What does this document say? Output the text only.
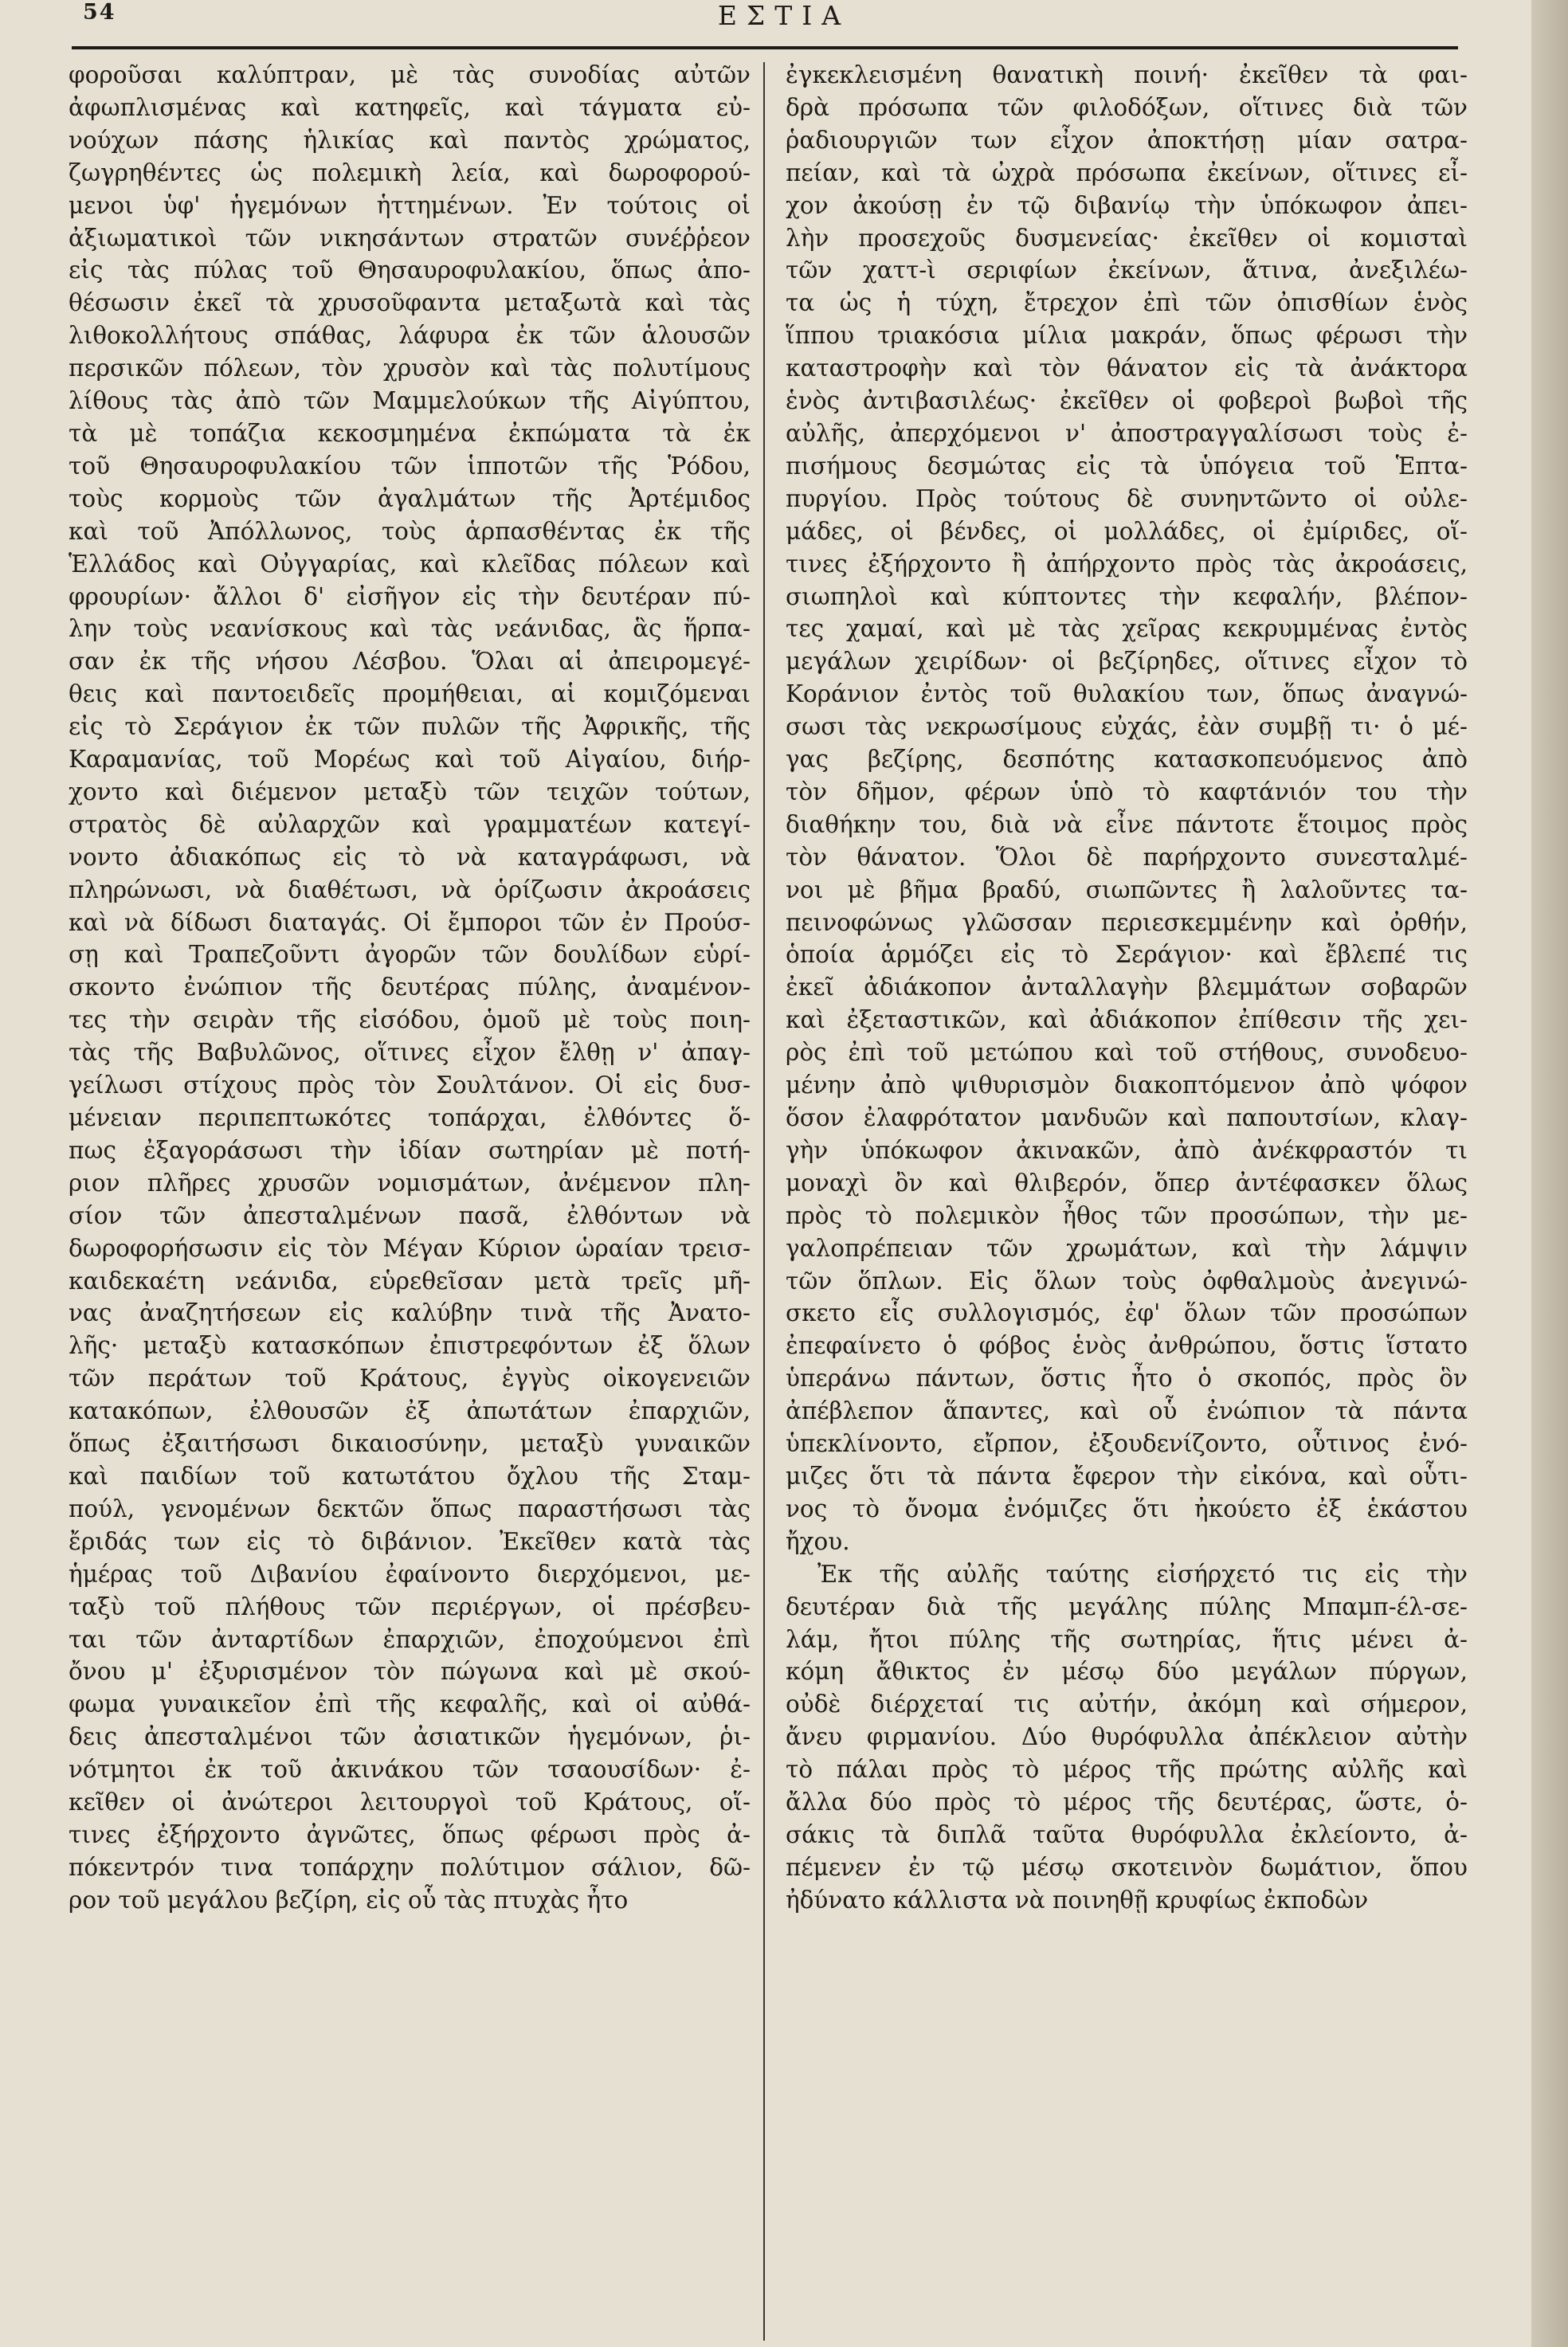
54	ΕΣΤΙΑ
φοροῦσαι καλύπτραν, μὲ τὰς συνοδίας αὐτῶν
ἀφωπλισμένας καὶ κατηφεῖς, καὶ τάγματα εὐ-
νούχων πάσης ἡλικίας καὶ παντὸς χρώματος,
ζωγρηθέντες ὡς πολεμικὴ λεία, καὶ δωροφορού-
μενοι ὑφ' ἡγεμόνων ἡττημένων. Ἐν τούτοις οἱ
ἀξιωματικοὶ τῶν νικησάντων στρατῶν συνέῤῥεον
εἰς τὰς πύλας τοῦ Θησαυροφυλακίου, ὅπως ἀπο-
θέσωσιν ἐκεῖ τὰ χρυσοῦφαντα μεταξωτὰ καὶ τὰς
λιθοκολλήτους σπάθας, λάφυρα ἐκ τῶν ἁλουσῶν
περσικῶν πόλεων, τὸν χρυσὸν καὶ τὰς πολυτίμους
λίθους τὰς ἀπὸ τῶν Μαμμελούκων τῆς Αἰγύπτου,
τὰ μὲ τοπάζια κεκοσμημένα ἐκπώματα τὰ ἐκ
τοῦ Θησαυροφυλακίου τῶν ἱπποτῶν τῆς Ῥόδου,
τοὺς κορμοὺς τῶν ἀγαλμάτων τῆς Ἀρτέμιδος
καὶ τοῦ Ἀπόλλωνος, τοὺς ἁρπασθέντας ἐκ τῆς
Ἑλλάδος καὶ Οὐγγαρίας, καὶ κλεῖδας πόλεων καὶ
φρουρίων· ἄλλοι δ' εἰσῆγον εἰς τὴν δευτέραν πύ-
λην τοὺς νεανίσκους καὶ τὰς νεάνιδας, ἃς ἥρπα-
σαν ἐκ τῆς νήσου Λέσβου. Ὅλαι αἱ ἀπειρομεγέ-
θεις καὶ παντοειδεῖς προμήθειαι, αἱ κομιζόμεναι
εἰς τὸ Σεράγιον ἐκ τῶν πυλῶν τῆς Ἀφρικῆς, τῆς
Καραμανίας, τοῦ Μορέως καὶ τοῦ Αἰγαίου, διήρ-
χοντο καὶ διέμενον μεταξὺ τῶν τειχῶν τούτων,
στρατὸς δὲ αὐλαρχῶν καὶ γραμματέων κατεγί-
νοντο ἀδιακόπως εἰς τὸ νὰ καταγράφωσι, νὰ
πληρώνωσι, νὰ διαθέτωσι, νὰ ὁρίζωσιν ἀκροάσεις
καὶ νὰ δίδωσι διαταγάς. Οἱ ἔμποροι τῶν ἐν Προύσ-
σῃ καὶ Τραπεζοῦντι ἀγορῶν τῶν δουλίδων εὑρί-
σκοντο ἐνώπιον τῆς δευτέρας πύλης, ἀναμένον-
τες τὴν σειρὰν τῆς εἰσόδου, ὁμοῦ μὲ τοὺς ποιη-
τὰς τῆς Βαβυλῶνος, οἵτινες εἶχον ἔλθῃ ν' ἀπαγ-
γείλωσι στίχους πρὸς τὸν Σουλτάνον. Οἱ εἰς δυσ-
μένειαν περιπεπτωκότες τοπάρχαι, ἐλθόντες ὅ-
πως ἐξαγοράσωσι τὴν ἰδίαν σωτηρίαν μὲ ποτή-
ριον πλῆρες χρυσῶν νομισμάτων, ἀνέμενον πλη-
σίον τῶν ἀπεσταλμένων πασᾶ, ἐλθόντων νὰ
δωροφορήσωσιν εἰς τὸν Μέγαν Κύριον ὡραίαν τρεισ-
καιδεκαέτη νεάνιδα, εὑρεθεῖσαν μετὰ τρεῖς μῆ-
νας ἀναζητήσεων εἰς καλύβην τινὰ τῆς Ἀνατο-
λῆς· μεταξὺ κατασκόπων ἐπιστρεφόντων ἐξ ὅλων
τῶν περάτων τοῦ Κράτους, ἐγγὺς οἰκογενειῶν
κατακόπων, ἐλθουσῶν ἐξ ἀπωτάτων ἐπαρχιῶν,
ὅπως ἐξαιτήσωσι δικαιοσύνην, μεταξὺ γυναικῶν
καὶ παιδίων τοῦ κατωτάτου ὄχλου τῆς Σταμ-
πούλ, γενομένων δεκτῶν ὅπως παραστήσωσι τὰς
ἔριδάς των εἰς τὸ διβάνιον. Ἐκεῖθεν κατὰ τὰς
ἡμέρας τοῦ Διβανίου ἐφαίνοντο διερχόμενοι, με-
ταξὺ τοῦ πλήθους τῶν περιέργων, οἱ πρέσβευ-
ται τῶν ἀνταρτίδων ἐπαρχιῶν, ἐποχούμενοι ἐπὶ
ὄνου μ' ἐξυρισμένον τὸν πώγωνα καὶ μὲ σκού-
φωμα γυναικεῖον ἐπὶ τῆς κεφαλῆς, καὶ οἱ αὐθά-
δεις ἀπεσταλμένοι τῶν ἀσιατικῶν ἡγεμόνων, ῥι-
νότμητοι ἐκ τοῦ ἀκινάκου τῶν τσαουσίδων· ἐ-
κεῖθεν οἱ ἀνώτεροι λειτουργοὶ τοῦ Κράτους, οἵ-
τινες ἐξήρχοντο ἀγνῶτες, ὅπως φέρωσι πρὸς ἀ-
πόκεντρόν τινα τοπάρχην πολύτιμον σάλιον, δῶ-
ρον τοῦ μεγάλου βεζίρη, εἰς οὗ τὰς πτυχὰς ἦτο
ἐγκεκλεισμένη θανατικὴ ποινή· ἐκεῖθεν τὰ φαι-
δρὰ πρόσωπα τῶν φιλοδόξων, οἵτινες διὰ τῶν
ῥαδιουργιῶν των εἶχον ἀποκτήσῃ μίαν σατρα-
πείαν, καὶ τὰ ὠχρὰ πρόσωπα ἐκείνων, οἵτινες εἶ-
χον ἀκούσῃ ἐν τῷ διβανίῳ τὴν ὑπόκωφον ἀπει-
λὴν προσεχοῦς δυσμενείας· ἐκεῖθεν οἱ κομισταὶ
τῶν χαττ-ὶ σεριφίων ἐκείνων, ἅτινα, ἀνεξιλέω-
τα ὡς ἡ τύχη, ἔτρεχον ἐπὶ τῶν ὀπισθίων ἑνὸς
ἵππου τριακόσια μίλια μακράν, ὅπως φέρωσι τὴν
καταστροφὴν καὶ τὸν θάνατον εἰς τὰ ἀνάκτορα
ἑνὸς ἀντιβασιλέως· ἐκεῖθεν οἱ φοβεροὶ βωβοὶ τῆς
αὐλῆς, ἀπερχόμενοι ν' ἀποστραγγαλίσωσι τοὺς ἐ-
πισήμους δεσμώτας εἰς τὰ ὑπόγεια τοῦ Ἑπτα-
πυργίου. Πρὸς τούτους δὲ συνηντῶντο οἱ οὐλε-
μάδες, οἱ βένδες, οἱ μολλάδες, οἱ ἐμίριδες, οἵ-
τινες ἐξήρχοντο ἢ ἀπήρχοντο πρὸς τὰς ἀκροάσεις,
σιωπηλοὶ καὶ κύπτοντες τὴν κεφαλήν, βλέπον-
τες χαμαί, καὶ μὲ τὰς χεῖρας κεκρυμμένας ἐντὸς
μεγάλων χειρίδων· οἱ βεζίρηδες, οἵτινες εἶχον τὸ
Κοράνιον ἐντὸς τοῦ θυλακίου των, ὅπως ἀναγνώ-
σωσι τὰς νεκρωσίμους εὐχάς, ἐὰν συμβῇ τι· ὁ μέ-
γας βεζίρης, δεσπότης κατασκοπευόμενος ἀπὸ
τὸν δῆμον, φέρων ὑπὸ τὸ καφτάνιόν του τὴν
διαθήκην του, διὰ νὰ εἶνε πάντοτε ἕτοιμος πρὸς
τὸν θάνατον. Ὅλοι δὲ παρήρχοντο συνεσταλμέ-
νοι μὲ βῆμα βραδύ, σιωπῶντες ἢ λαλοῦντες τα-
πεινοφώνως γλῶσσαν περιεσκεμμένην καὶ ὀρθήν,
ὁποία ἁρμόζει εἰς τὸ Σεράγιον· καὶ ἔβλεπέ τις
ἐκεῖ ἀδιάκοπον ἀνταλλαγὴν βλεμμάτων σοβαρῶν
καὶ ἐξεταστικῶν, καὶ ἀδιάκοπον ἐπίθεσιν τῆς χει-
ρὸς ἐπὶ τοῦ μετώπου καὶ τοῦ στήθους, συνοδευο-
μένην ἀπὸ ψιθυρισμὸν διακοπτόμενον ἀπὸ ψόφον
ὅσον ἐλαφρότατον μανδυῶν καὶ παπουτσίων, κλαγ-
γὴν ὑπόκωφον ἀκινακῶν, ἀπὸ ἀνέκφραστόν τι
μοναχὶ ὂν καὶ θλιβερόν, ὅπερ ἀντέφασκεν ὅλως
πρὸς τὸ πολεμικὸν ἦθος τῶν προσώπων, τὴν με-
γαλοπρέπειαν τῶν χρωμάτων, καὶ τὴν λάμψιν
τῶν ὅπλων. Εἰς ὅλων τοὺς ὀφθαλμοὺς ἀνεγινώ-
σκετο εἷς συλλογισμός, ἐφ' ὅλων τῶν προσώπων
ἐπεφαίνετο ὁ φόβος ἑνὸς ἀνθρώπου, ὅστις ἵστατο
ὑπεράνω πάντων, ὅστις ἦτο ὁ σκοπός, πρὸς ὃν
ἀπέβλεπον ἅπαντες, καὶ οὗ ἐνώπιον τὰ πάντα
ὑπεκλίνοντο, εἴρπον, ἐξουδενίζοντο, οὗτινος ἐνό-
μιζες ὅτι τὰ πάντα ἔφερον τὴν εἰκόνα, καὶ οὗτι-
νος τὸ ὄνομα ἐνόμιζες ὅτι ἠκούετο ἐξ ἑκάστου
ἤχου.
Ἐκ τῆς αὐλῆς ταύτης εἰσήρχετό τις εἰς τὴν
δευτέραν διὰ τῆς μεγάλης πύλης Μπαμπ-έλ-σε-
λάμ, ἤτοι πύλης τῆς σωτηρίας, ἥτις μένει ἀ-
κόμη ἄθικτος ἐν μέσῳ δύο μεγάλων πύργων,
οὐδὲ διέρχεταί τις αὐτήν, ἀκόμη καὶ σήμερον,
ἄνευ φιρμανίου. Δύο θυρόφυλλα ἀπέκλειον αὐτὴν
τὸ πάλαι πρὸς τὸ μέρος τῆς πρώτης αὐλῆς καὶ
ἄλλα δύο πρὸς τὸ μέρος τῆς δευτέρας, ὥστε, ὁ-
σάκις τὰ διπλᾶ ταῦτα θυρόφυλλα ἐκλείοντο, ἀ-
πέμενεν ἐν τῷ μέσῳ σκοτεινὸν δωμάτιον, ὅπου
ἠδύνατο κάλλιστα νὰ ποινηθῇ κρυφίως ἐκποδὼν
